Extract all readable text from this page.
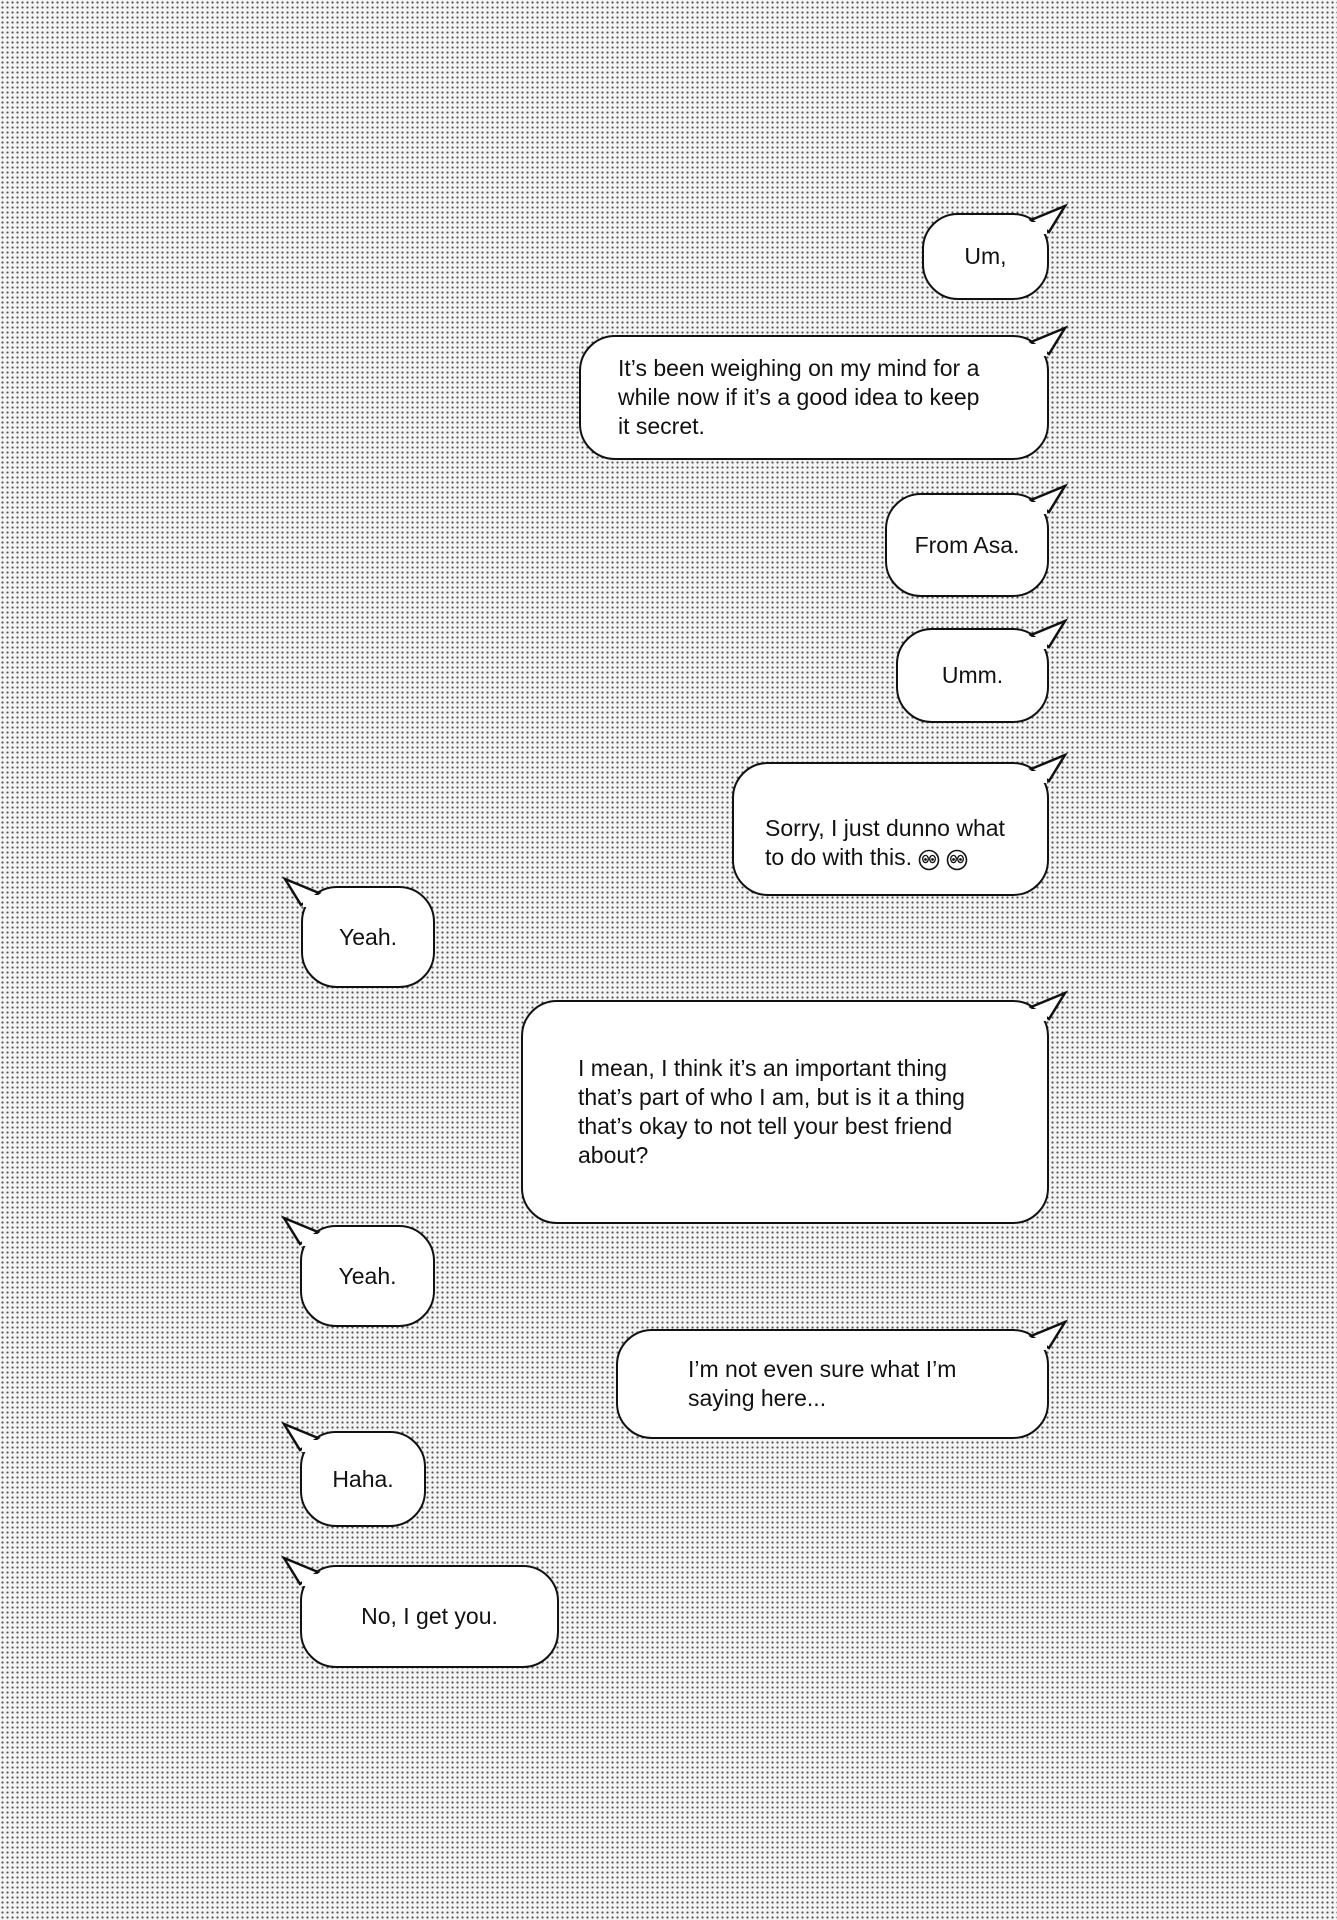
Um,
It’s been weighing on my mind for a
while now if it’s a good idea to keep
it secret.
From Asa.
Umm.

Sorry, I just dunno what
to do with this.

Yeah.
I mean, I think it’s an important thing
that’s part of who I am, but is it a thing
that’s okay to not tell your best friend
about?
Yeah.
I’m not even sure what I’m
saying here...
Haha.
No, I get you.
